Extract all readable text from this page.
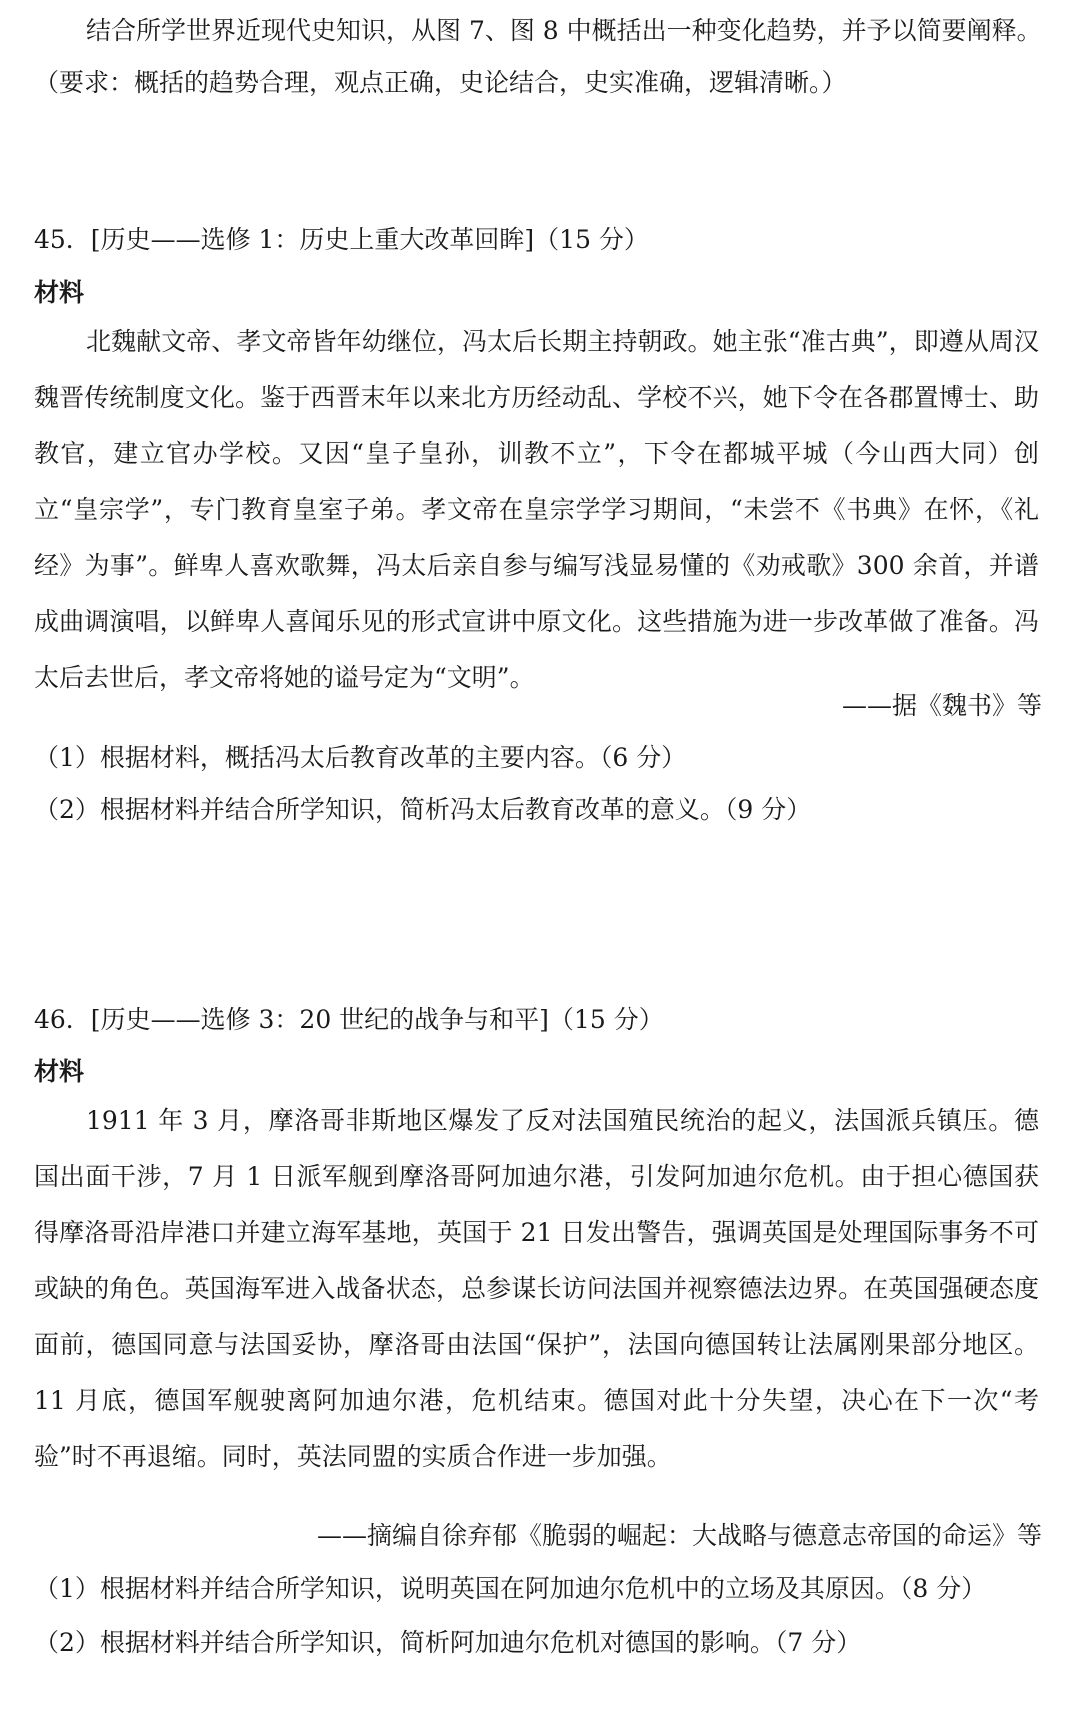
结合所学世界近现代史知识，从图 7、图 8 中概括出一种变化趋势，并予以简要阐释。
（要求：概括的趋势合理，观点正确，史论结合，史实准确，逻辑清晰。）
45．[历史——选修 1：历史上重大改革回眸]（15 分）
材料
北魏献文帝、孝文帝皆年幼继位，冯太后长期主持朝政。她主张“准古典”，即遵从周汉魏晋传统制度文化。鉴于西晋末年以来北方历经动乱、学校不兴，她下令在各郡置博士、助教官，建立官办学校。又因“皇子皇孙，训教不立”，下令在都城平城（今山西大同）创立“皇宗学”，专门教育皇室子弟。孝文帝在皇宗学学习期间，“未尝不《书典》在怀，《礼经》为事”。鲜卑人喜欢歌舞，冯太后亲自参与编写浅显易懂的《劝戒歌》300 余首，并谱成曲调演唱，以鲜卑人喜闻乐见的形式宣讲中原文化。这些措施为进一步改革做了准备。冯太后去世后，孝文帝将她的谥号定为“文明”。
——据《魏书》等
（1）根据材料，概括冯太后教育改革的主要内容。（6 分）
（2）根据材料并结合所学知识，简析冯太后教育改革的意义。（9 分）
46．[历史——选修 3：20 世纪的战争与和平]（15 分）
材料
1911 年 3 月，摩洛哥非斯地区爆发了反对法国殖民统治的起义，法国派兵镇压。德国出面干涉，7 月 1 日派军舰到摩洛哥阿加迪尔港，引发阿加迪尔危机。由于担心德国获得摩洛哥沿岸港口并建立海军基地，英国于 21 日发出警告，强调英国是处理国际事务不可或缺的角色。英国海军进入战备状态，总参谋长访问法国并视察德法边界。在英国强硬态度面前，德国同意与法国妥协，摩洛哥由法国“保护”，法国向德国转让法属刚果部分地区。11 月底，德国军舰驶离阿加迪尔港，危机结束。德国对此十分失望，决心在下一次“考验”时不再退缩。同时，英法同盟的实质合作进一步加强。
——摘编自徐弃郁《脆弱的崛起：大战略与德意志帝国的命运》等
（1）根据材料并结合所学知识，说明英国在阿加迪尔危机中的立场及其原因。（8 分）
（2）根据材料并结合所学知识，简析阿加迪尔危机对德国的影响。（7 分）
